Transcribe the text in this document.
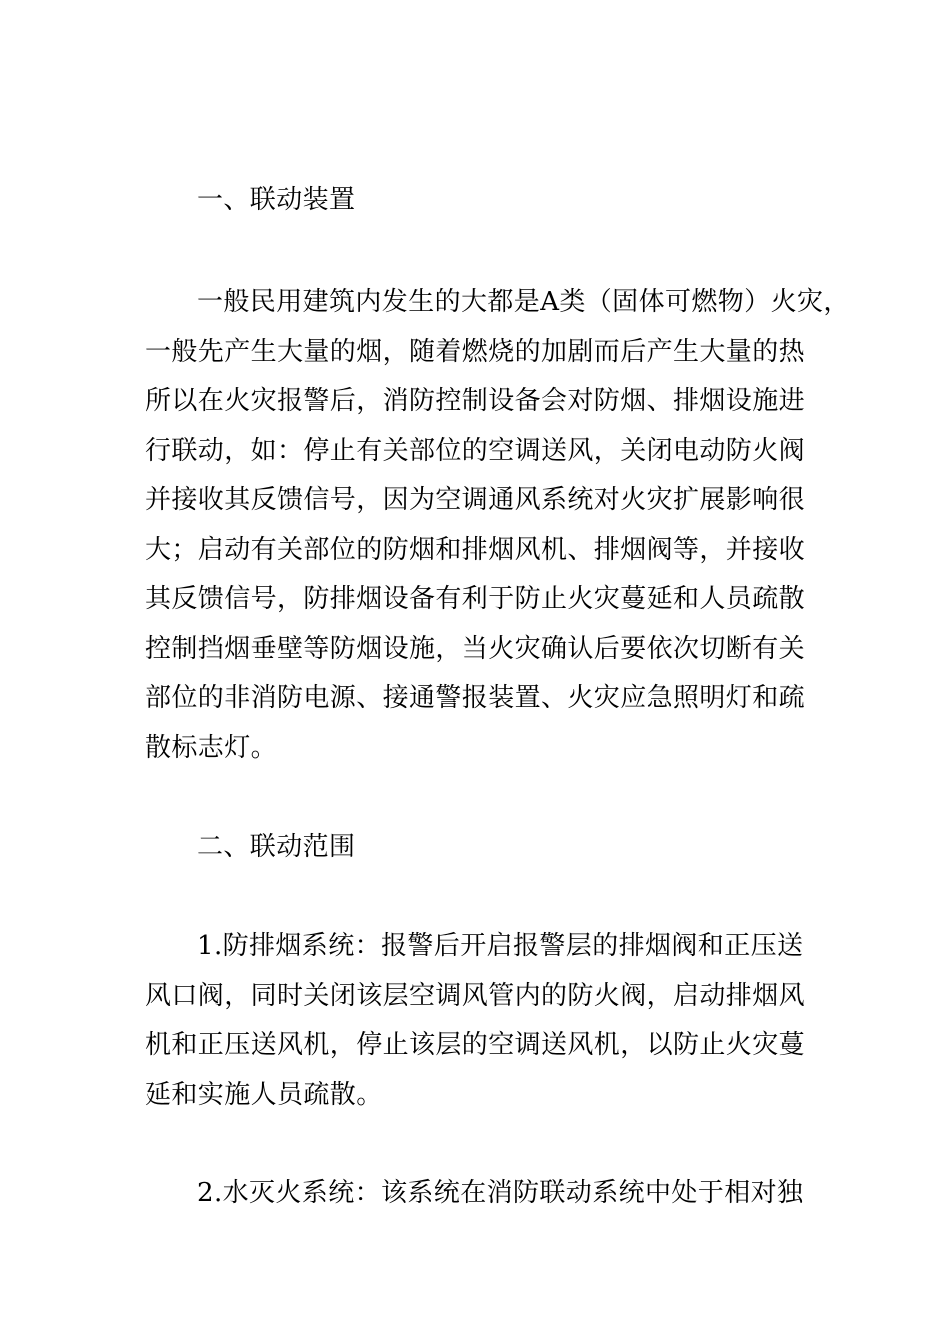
一、联动装置
一般民用建筑内发生的大都是A类（固体可燃物）火灾，
一般先产生大量的烟，随着燃烧的加剧而后产生大量的热
所以在火灾报警后，消防控制设备会对防烟、排烟设施进
行联动，如：停止有关部位的空调送风，关闭电动防火阀
并接收其反馈信号，因为空调通风系统对火灾扩展影响很
大；启动有关部位的防烟和排烟风机、排烟阀等，并接收
其反馈信号，防排烟设备有利于防止火灾蔓延和人员疏散
控制挡烟垂壁等防烟设施，当火灾确认后要依次切断有关
部位的非消防电源、接通警报装置、火灾应急照明灯和疏
散标志灯。
二、联动范围
1.防排烟系统：报警后开启报警层的排烟阀和正压送
风口阀，同时关闭该层空调风管内的防火阀，启动排烟风
机和正压送风机，停止该层的空调送风机，以防止火灾蔓
延和实施人员疏散。
2.水灭火系统：该系统在消防联动系统中处于相对独
